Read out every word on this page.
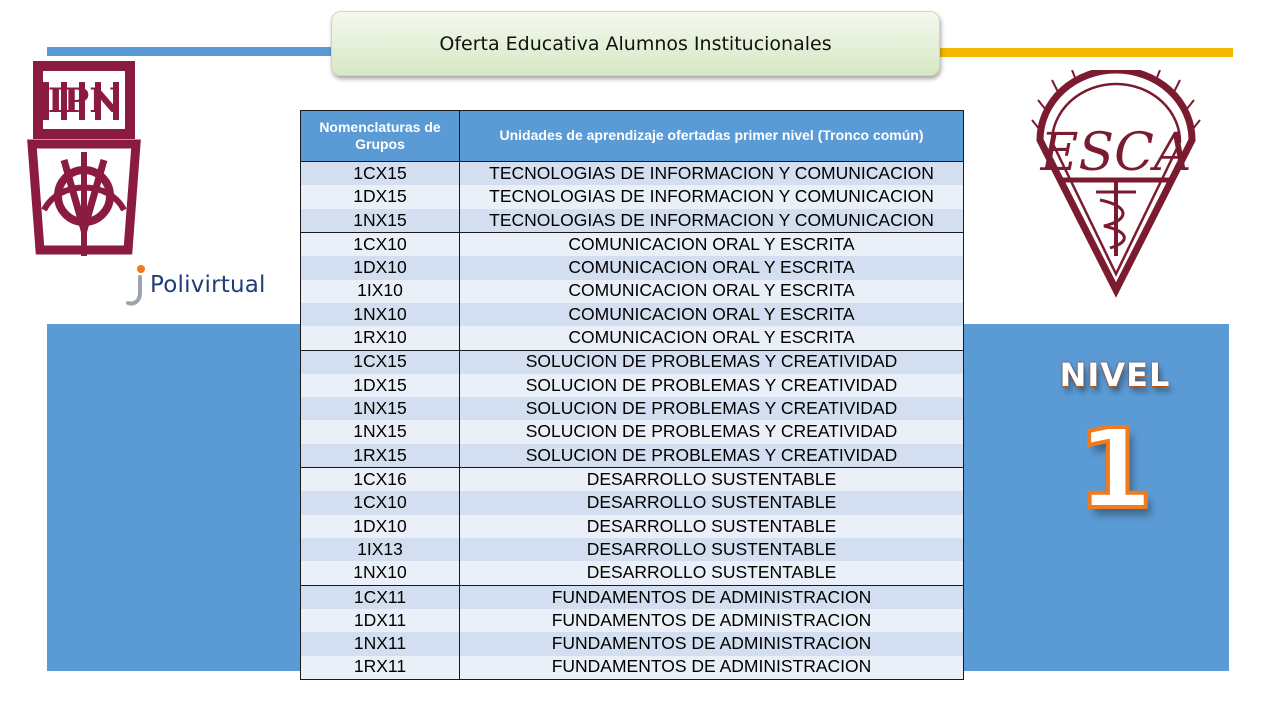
Oferta Educativa Alumnos Institucionales
IPN
Polivirtual
ESCA
Nomenclaturas de Grupos	Unidades de aprendizaje ofertadas primer nivel (Tronco común)
1CX15	TECNOLOGIAS DE INFORMACION Y COMUNICACION
1DX15	TECNOLOGIAS DE INFORMACION Y COMUNICACION
1NX15	TECNOLOGIAS DE INFORMACION Y COMUNICACION
1CX10	COMUNICACION ORAL Y ESCRITA
1DX10	COMUNICACION ORAL Y ESCRITA
1IX10	COMUNICACION ORAL Y ESCRITA
1NX10	COMUNICACION ORAL Y ESCRITA
1RX10	COMUNICACION ORAL Y ESCRITA
1CX15	SOLUCION DE PROBLEMAS Y CREATIVIDAD
1DX15	SOLUCION DE PROBLEMAS Y CREATIVIDAD
1NX15	SOLUCION DE PROBLEMAS Y CREATIVIDAD
1NX15	SOLUCION DE PROBLEMAS Y CREATIVIDAD
1RX15	SOLUCION DE PROBLEMAS Y CREATIVIDAD
1CX16	DESARROLLO SUSTENTABLE
1CX10	DESARROLLO SUSTENTABLE
1DX10	DESARROLLO SUSTENTABLE
1IX13	DESARROLLO SUSTENTABLE
1NX10	DESARROLLO SUSTENTABLE
1CX11	FUNDAMENTOS DE ADMINISTRACION
1DX11	FUNDAMENTOS DE ADMINISTRACION
1NX11	FUNDAMENTOS DE ADMINISTRACION
1RX11	FUNDAMENTOS DE ADMINISTRACION
NIVEL
1
